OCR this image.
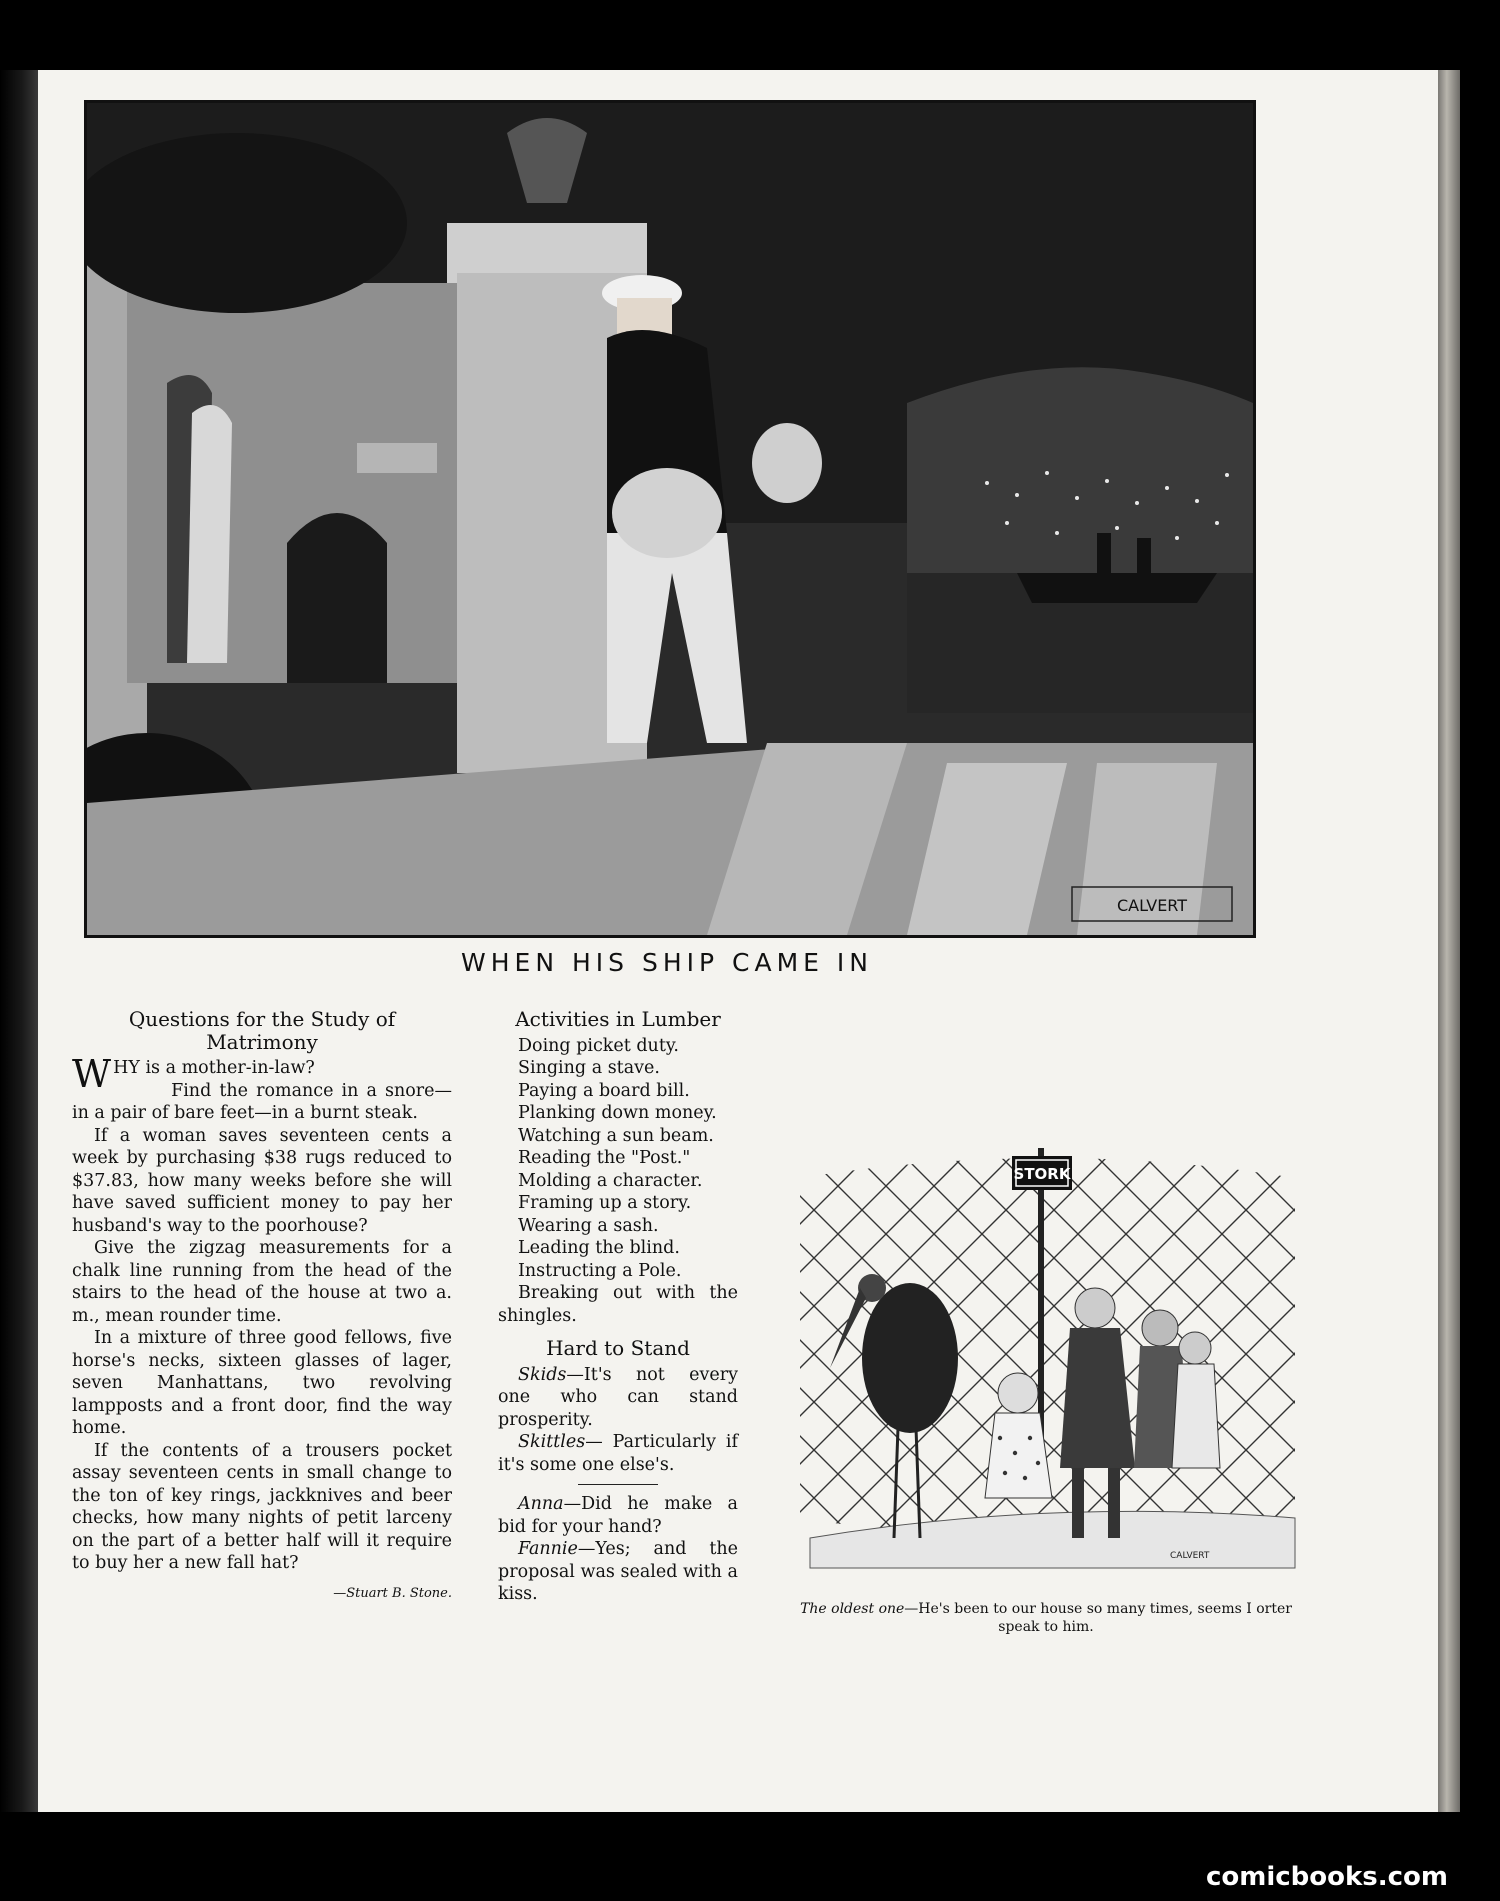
WHEN HIS SHIP CAME IN
Questions for the Study of Matrimony

WHY is a mother-in-law?

Find the romance in a snore—in a pair of bare feet—in a burnt steak.

If a woman saves seventeen cents a week by purchasing $38 rugs reduced to $37.83, how many weeks before she will have saved sufficient money to pay her husband's way to the poorhouse?

Give the zigzag measurements for a chalk line running from the head of the stairs to the head of the house at two a. m., mean rounder time.

In a mixture of three good fellows, five horse's necks, sixteen glasses of lager, seven Manhattans, two revolving lampposts and a front door, find the way home.

If the contents of a trousers pocket assay seventeen cents in small change to the ton of key rings, jackknives and beer checks, how many nights of petit larceny on the part of a better half will it require to buy her a new fall hat?

—Stuart B. Stone.
Activities in Lumber
Doing picket duty.
Singing a stave.
Paying a board bill.
Planking down money.
Watching a sun beam.
Reading the "Post."
Molding a character.
Framing up a story.
Wearing a sash.
Leading the blind.
Instructing a Pole.

Breaking out with the shingles.

Hard to Stand

Skids—It's not every one who can stand prosperity.

Skittles— Particularly if it's some one else's.

Anna—Did he make a bid for your hand?

Fannie—Yes; and the proposal was sealed with a kiss.

CALVERT
STORK
The oldest one—He's been to our house so many times, seems I orter speak to him.
CALVERT
comicbooks.com
